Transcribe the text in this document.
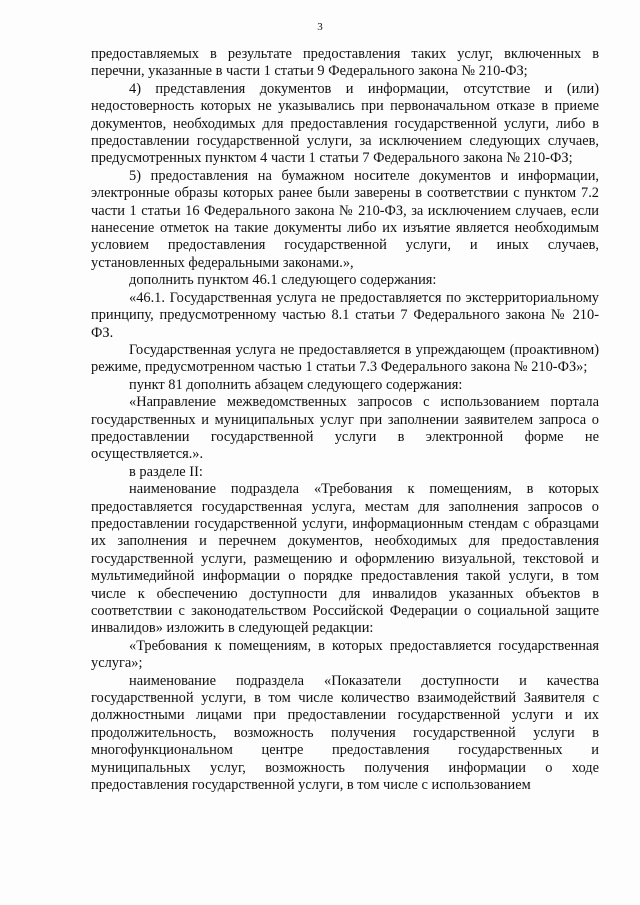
3

предоставляемых в результате предоставления таких услуг, включенных в перечни, указанные в части 1 статьи 9 Федерального закона № 210-ФЗ;

4) представления документов и информации, отсутствие и (или) недостоверность которых не указывались при первоначальном отказе в приеме документов, необходимых для предоставления государственной услуги, либо в предоставлении государственной услуги, за исключением следующих случаев, предусмотренных пунктом 4 части 1 статьи 7 Федерального закона № 210-ФЗ;

5) предоставления на бумажном носителе документов и информации, электронные образы которых ранее были заверены в соответствии с пунктом 7.2 части 1 статьи 16 Федерального закона № 210-ФЗ, за исключением случаев, если нанесение отметок на такие документы либо их изъятие является необходимым условием предоставления государственной услуги, и иных случаев, установленных федеральными законами.»,

дополнить пунктом 46.1 следующего содержания:

«46.1. Государственная услуга не предоставляется по экстерриториальному принципу, предусмотренному частью 8.1 статьи 7 Федерального закона № 210-ФЗ.

Государственная услуга не предоставляется в упреждающем (проактивном) режиме, предусмотренном частью 1 статьи 7.3 Федерального закона № 210-ФЗ»;

пункт 81 дополнить абзацем следующего содержания:

«Направление межведомственных запросов с использованием портала государственных и муниципальных услуг при заполнении заявителем запроса о предоставлении государственной услуги в электронной форме не осуществляется.».

в разделе II:

наименование подраздела «Требования к помещениям, в которых предоставляется государственная услуга, местам для заполнения запросов о предоставлении государственной услуги, информационным стендам с образцами их заполнения и перечнем документов, необходимых для предоставления государственной услуги, размещению и оформлению визуальной, текстовой и мультимедийной информации о порядке предоставления такой услуги, в том числе к обеспечению доступности для инвалидов указанных объектов в соответствии с законодательством Российской Федерации о социальной защите инвалидов» изложить в следующей редакции:

«Требования к помещениям, в которых предоставляется государственная услуга»;

наименование подраздела «Показатели доступности и качества государственной услуги, в том числе количество взаимодействий Заявителя с должностными лицами при предоставлении государственной услуги и их продолжительность, возможность получения государственной услуги в многофункциональном центре предоставления государственных и муниципальных услуг, возможность получения информации о ходе предоставления государственной услуги, в том числе с использованием
